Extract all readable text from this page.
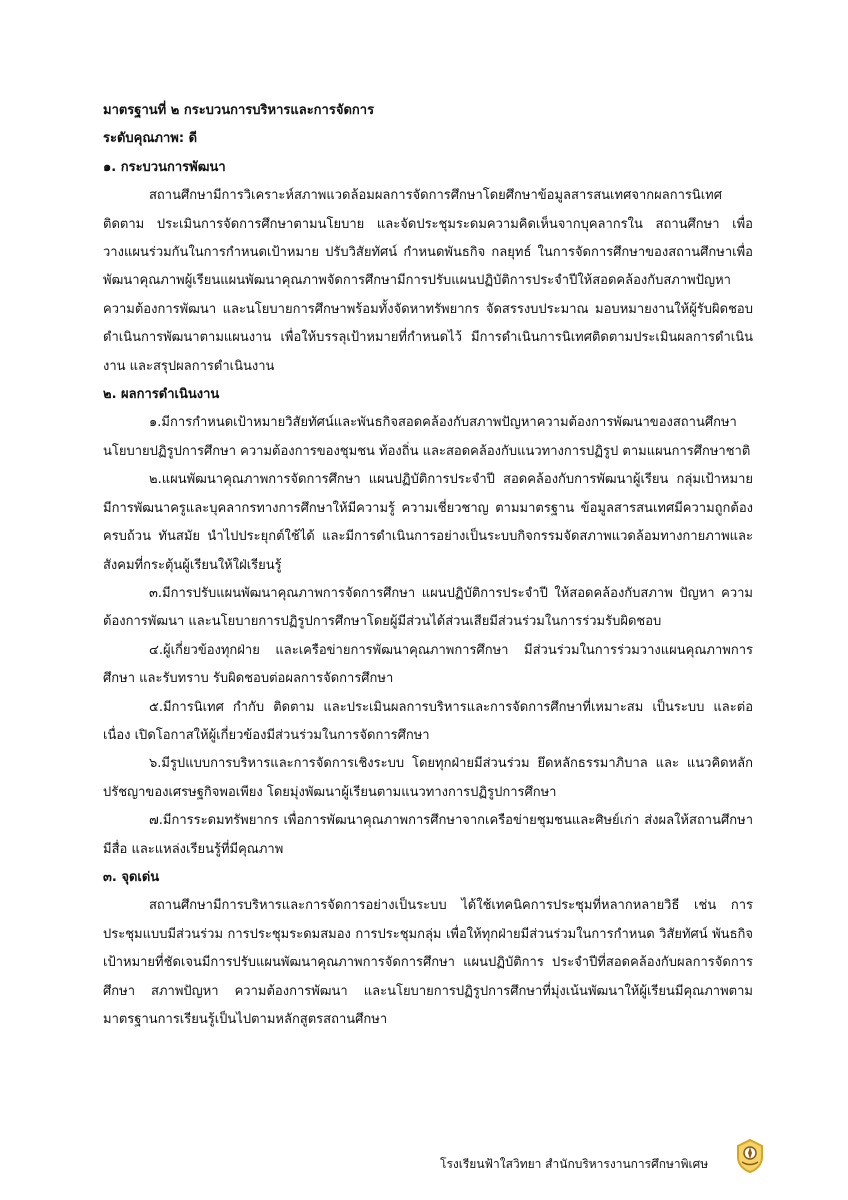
มาตรฐานที่ ๒ กระบวนการบริหารและการจัดการ
ระดับคุณภาพ: ดี
๑. กระบวนการพัฒนา

สถานศึกษามีการวิเคราะห์สภาพแวดล้อมผลการจัดการศึกษาโดยศึกษาข้อมูลสารสนเทศจากผลการนิเทศ ติดตาม ประเมินการจัดการศึกษาตามนโยบาย และจัดประชุมระดมความคิดเห็นจากบุคลากรใน สถานศึกษา เพื่อวางแผนร่วมกันในการกำหนดเป้าหมาย ปรับวิสัยทัศน์ กำหนดพันธกิจ กลยุทธ์ ในการจัดการศึกษาของสถานศึกษาเพื่อพัฒนาคุณภาพผู้เรียนแผนพัฒนาคุณภาพจัดการศึกษามีการปรับแผนปฏิบัติการประจำปีให้สอดคล้องกับสภาพปัญหา ความต้องการพัฒนา และนโยบายการศึกษาพร้อมทั้งจัดหาทรัพยากร จัดสรรงบประมาณ มอบหมายงานให้ผู้รับผิดชอบดำเนินการพัฒนาตามแผนงาน เพื่อให้บรรลุเป้าหมายที่กำหนดไว้ มีการดำเนินการนิเทศติดตามประเมินผลการดำเนินงาน และสรุปผลการดำเนินงาน

๒. ผลการดำเนินงาน

๑.มีการกำหนดเป้าหมายวิสัยทัศน์และพันธกิจสอดคล้องกับสภาพปัญหาความต้องการพัฒนาของสถานศึกษา นโยบายปฏิรูปการศึกษา ความต้องการของชุมชน ท้องถิ่น และสอดคล้องกับแนวทางการปฏิรูป ตามแผนการศึกษาชาติ

๒.แผนพัฒนาคุณภาพการจัดการศึกษา แผนปฏิบัติการประจำปี สอดคล้องกับการพัฒนาผู้เรียน กลุ่มเป้าหมาย มีการพัฒนาครูและบุคลากรทางการศึกษาให้มีความรู้ ความเชี่ยวชาญ ตามมาตรฐาน ข้อมูลสารสนเทศมีความถูกต้อง ครบถ้วน ทันสมัย นำไปประยุกต์ใช้ได้ และมีการดำเนินการอย่างเป็นระบบกิจกรรมจัดสภาพแวดล้อมทางกายภาพและสังคมที่กระตุ้นผู้เรียนให้ใฝ่เรียนรู้

๓.มีการปรับแผนพัฒนาคุณภาพการจัดการศึกษา แผนปฏิบัติการประจำปี ให้สอดคล้องกับสภาพ ปัญหา ความต้องการพัฒนา และนโยบายการปฏิรูปการศึกษาโดยผู้มีส่วนได้ส่วนเสียมีส่วนร่วมในการร่วมรับผิดชอบ

๔.ผู้เกี่ยวข้องทุกฝ่าย และเครือข่ายการพัฒนาคุณภาพการศึกษา มีส่วนร่วมในการร่วมวางแผนคุณภาพการศึกษา และรับทราบ รับผิดชอบต่อผลการจัดการศึกษา

๕.มีการนิเทศ กำกับ ติดตาม และประเมินผลการบริหารและการจัดการศึกษาที่เหมาะสม เป็นระบบ และต่อเนื่อง เปิดโอกาสให้ผู้เกี่ยวข้องมีส่วนร่วมในการจัดการศึกษา

๖.มีรูปแบบการบริหารและการจัดการเชิงระบบ โดยทุกฝ่ายมีส่วนร่วม ยึดหลักธรรมาภิบาล และ แนวคิดหลักปรัชญาของเศรษฐกิจพอเพียง โดยมุ่งพัฒนาผู้เรียนตามแนวทางการปฏิรูปการศึกษา

๗.มีการระดมทรัพยากร เพื่อการพัฒนาคุณภาพการศึกษาจากเครือข่ายชุมชนและศิษย์เก่า ส่งผลให้สถานศึกษามีสื่อ และแหล่งเรียนรู้ที่มีคุณภาพ

๓. จุดเด่น

สถานศึกษามีการบริหารและการจัดการอย่างเป็นระบบ ได้ใช้เทคนิคการประชุมที่หลากหลายวิธี เช่น การประชุมแบบมีส่วนร่วม การประชุมระดมสมอง การประชุมกลุ่ม เพื่อให้ทุกฝ่ายมีส่วนร่วมในการกำหนด วิสัยทัศน์ พันธกิจ เป้าหมายที่ชัดเจนมีการปรับแผนพัฒนาคุณภาพการจัดการศึกษา แผนปฏิบัติการ ประจำปีที่สอดคล้องกับผลการจัดการศึกษา สภาพปัญหา ความต้องการพัฒนา และนโยบายการปฏิรูปการศึกษาที่มุ่งเน้นพัฒนาให้ผู้เรียนมีคุณภาพตามมาตรฐานการเรียนรู้เป็นไปตามหลักสูตรสถานศึกษา

โรงเรียนฟ้าใสวิทยา สำนักบริหารงานการศึกษาพิเศษ
